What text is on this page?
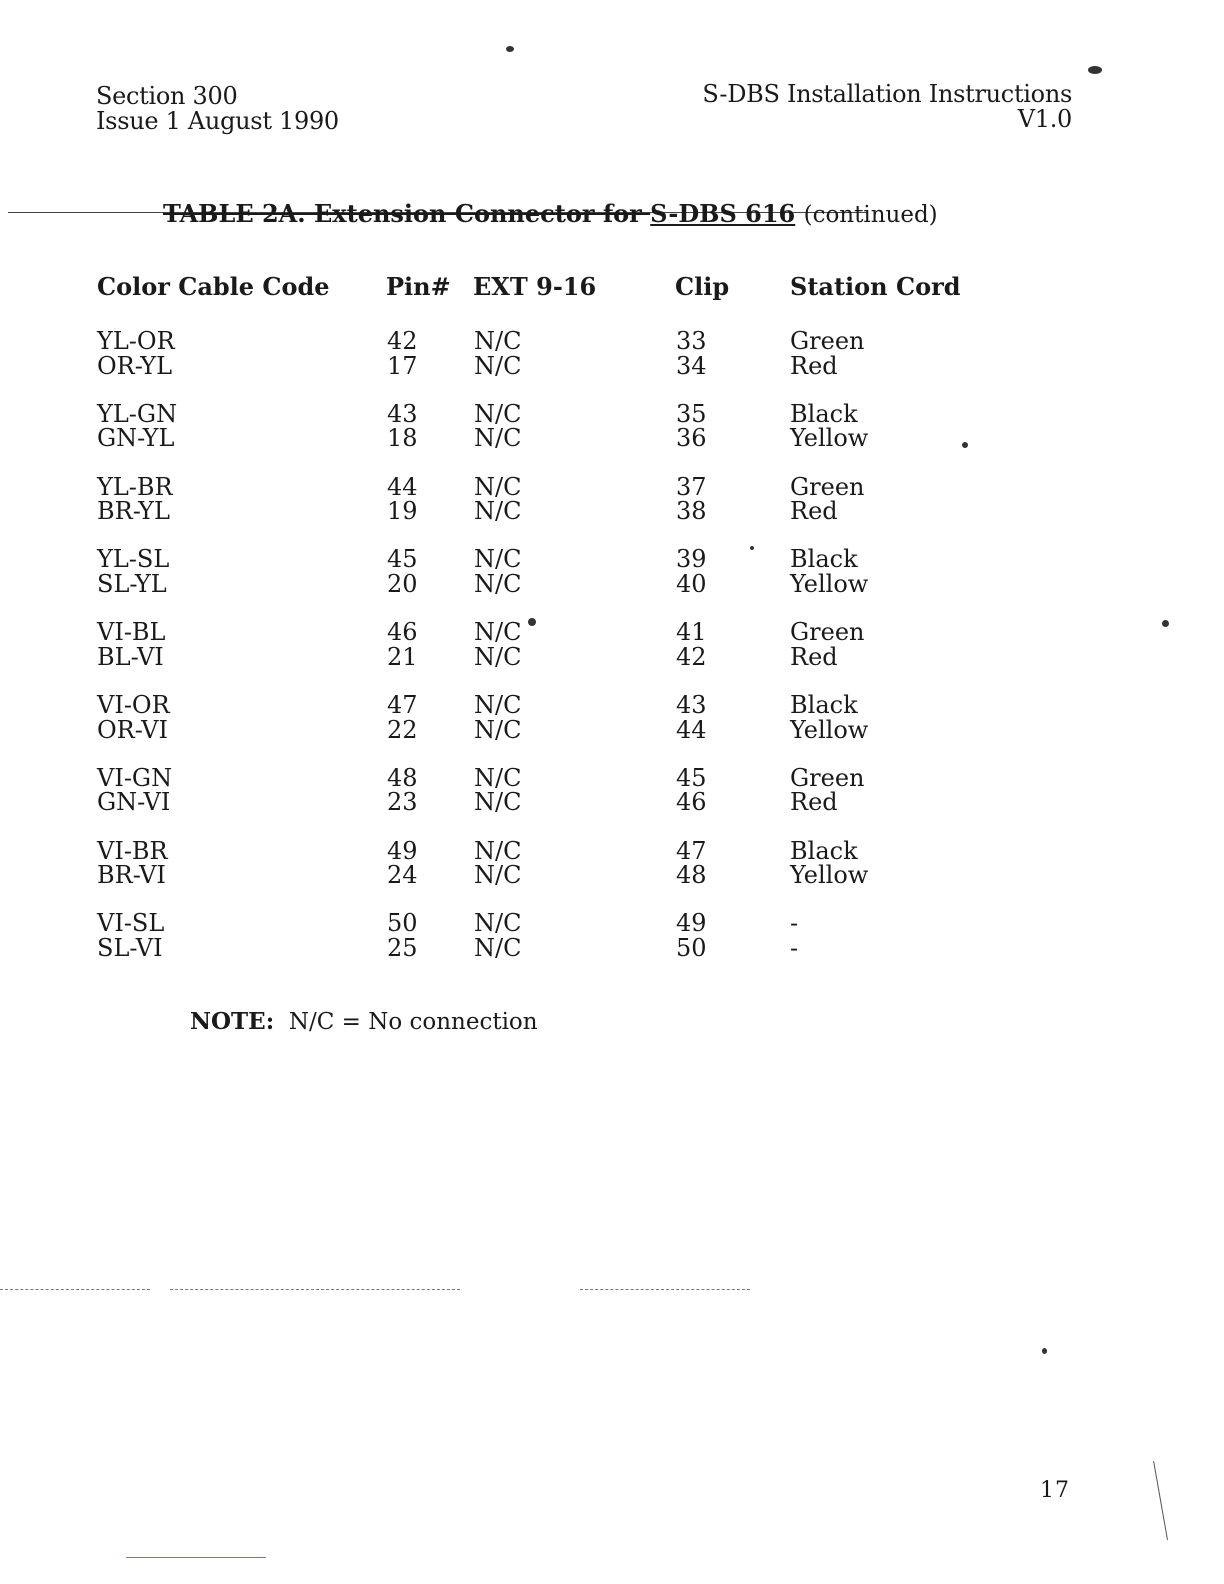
Section 300
Issue 1 August 1990
S-DBS Installation Instructions
V1.0
TABLE 2A. Extension Connector for S-DBS 616 (continued)
Color Cable Code Pin# EXT 9-16	Clip	Station Cord
YL-OR	42 N/C	33	Green
OR-YL	17 N/C	34	Red
YL-GN	43 N/C	35	Black
GN-YL	18 N/C	36	Yellow
YL-BR	44 N/C	37	Green
BR-YL	19 N/C	38	Red
YL-SL	45 N/C	39	Black
SL-YL	20 N/C	40	Yellow
VI-BL	46 N/C	41	Green
BL-VI	21 N/C	42	Red
VI-OR	47 N/C	43	Black
OR-VI	22 N/C	44	Yellow
VI-GN	48 N/C	45	Green
GN-VI	23 N/C	46	Red
VI-BR	49 N/C	47	Black
BR-VI	24 N/C	48	Yellow
VI-SL	50 N/C	49	-
SL-VI	25 N/C	50	-
NOTE: N/C = No connection
17
